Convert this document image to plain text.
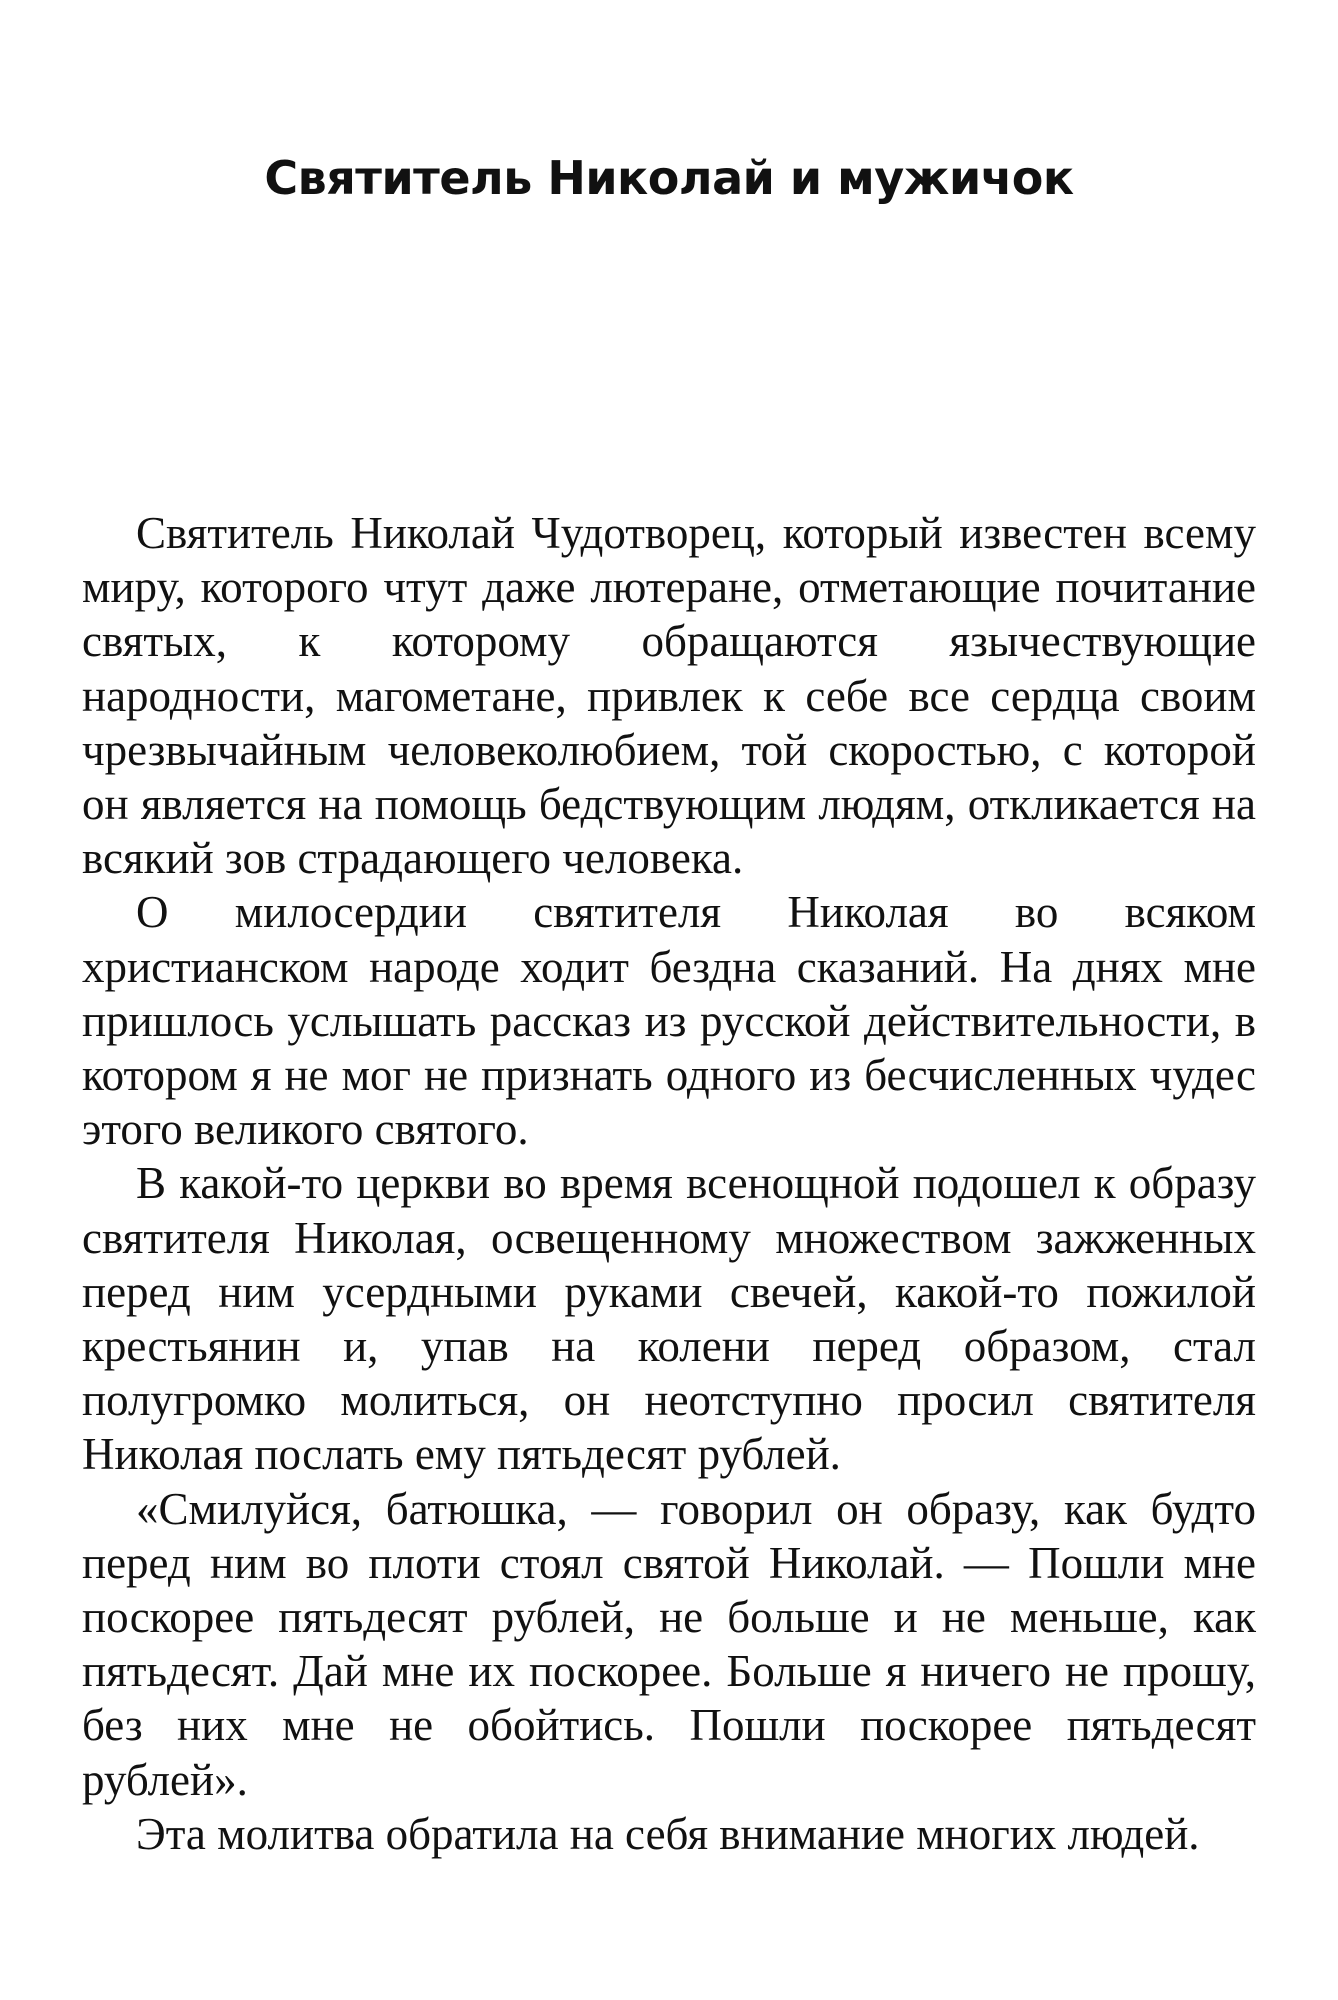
Святитель Николай и мужичок

Святитель Николай Чудотворец, который известен всему миру, которого чтут даже лютеране, отметающие почитание святых, к которому обращаются язычествующие народности, магометане, привлек к себе все сердца своим чрезвычайным человеколюбием, той скоростью, с которой он является на помощь бедствующим людям, откликается на всякий зов страдающего человека.

О милосердии святителя Николая во всяком христианском народе ходит бездна сказаний. На днях мне пришлось услышать рассказ из русской действительности, в котором я не мог не признать одного из бесчисленных чудес этого великого святого.

В какой-то церкви во время всенощной подошел к образу святителя Николая, освещенному множеством зажженных перед ним усердными руками свечей, какой-то пожилой крестьянин и, упав на колени перед образом, стал полугромко молиться, он неотступно просил святителя Николая послать ему пятьдесят рублей.

«Смилуйся, батюшка, — говорил он образу, как будто перед ним во плоти стоял святой Николай. — Пошли мне поскорее пятьдесят рублей, не больше и не меньше, как пятьдесят. Дай мне их поскорее. Больше я ничего не прошу, без них мне не обойтись. Пошли поскорее пятьдесят рублей».

Эта молитва обратила на себя внимание многих людей.
